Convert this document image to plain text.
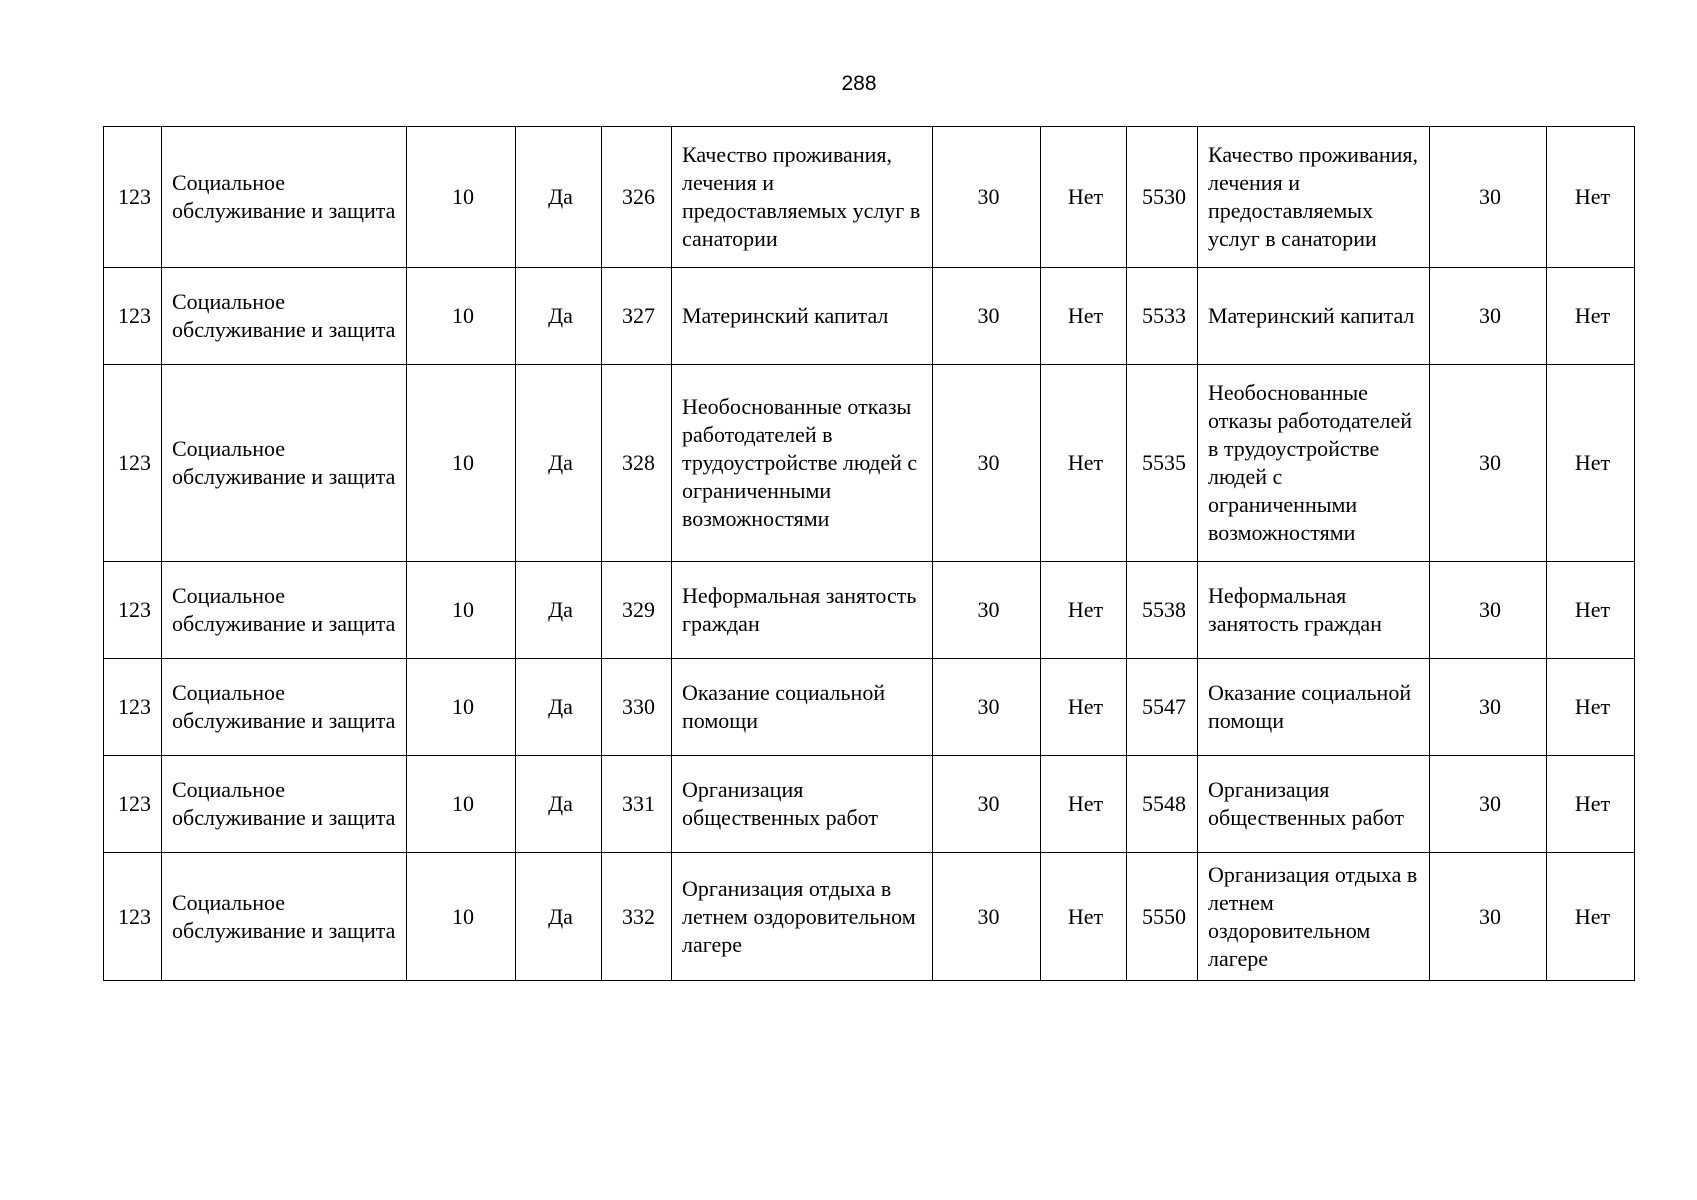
288
123	Социальное обслуживание и защита	10	Да	326	Качество проживания, лечения и предоставляемых услуг в санатории	30	Нет	5530	Качество проживания, лечения и предоставляемых услуг в санатории	30	Нет
123	Социальное обслуживание и защита	10	Да	327	Материнский капитал	30	Нет	5533	Материнский капитал	30	Нет
123	Социальное обслуживание и защита	10	Да	328	Необоснованные отказы работодателей в трудоустройстве людей с ограниченными возможностями	30	Нет	5535	Необоснованные отказы работодателей в трудоустройстве людей с ограниченными возможностями	30	Нет
123	Социальное обслуживание и защита	10	Да	329	Неформальная занятость граждан	30	Нет	5538	Неформальная занятость граждан	30	Нет
123	Социальное обслуживание и защита	10	Да	330	Оказание социальной помощи	30	Нет	5547	Оказание социальной помощи	30	Нет
123	Социальное обслуживание и защита	10	Да	331	Организация общественных работ	30	Нет	5548	Организация общественных работ	30	Нет
123	Социальное обслуживание и защита	10	Да	332	Организация отдыха в летнем оздоровительном лагере	30	Нет	5550	Организация отдыха в летнем оздоровительном лагере	30	Нет
